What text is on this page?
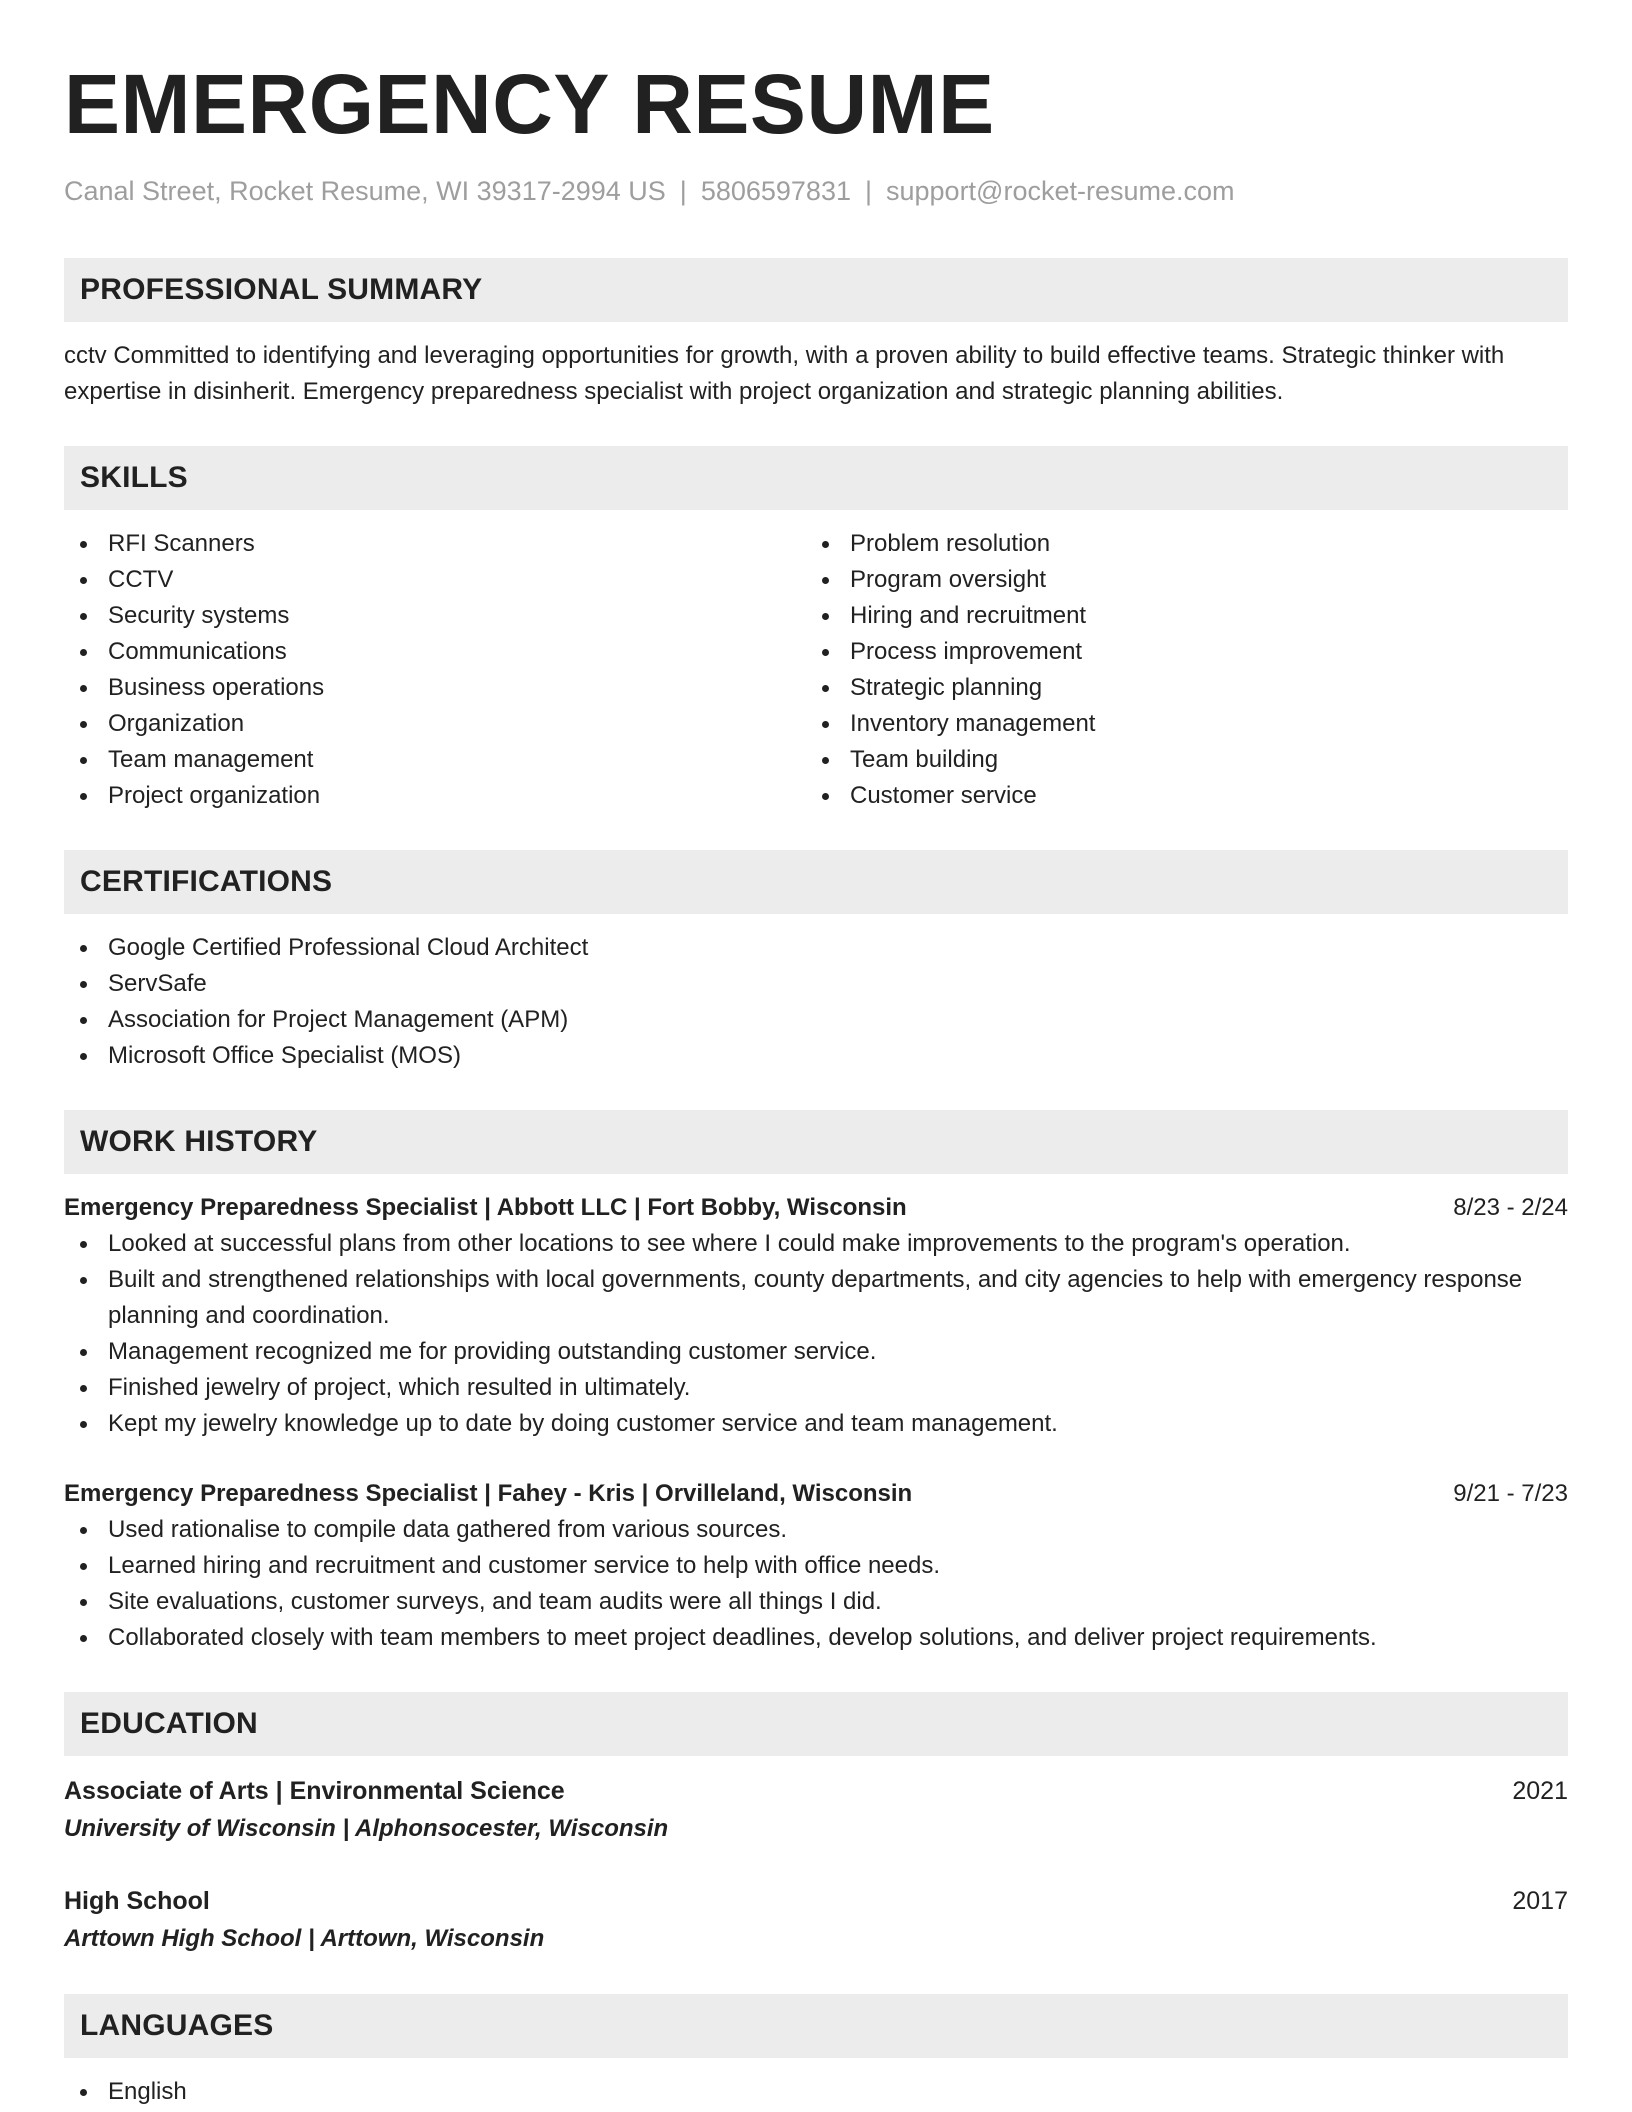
EMERGENCY RESUME
Canal Street, Rocket Resume, WI 39317-2994 US | 5806597831 | support@rocket-resume.com
PROFESSIONAL SUMMARY

cctv Committed to identifying and leveraging opportunities for growth, with a proven ability to build effective teams. Strategic thinker with expertise in disinherit. Emergency preparedness specialist with project organization and strategic planning abilities.

SKILLS
RFI Scanners
CCTV
Security systems
Communications
Business operations
Organization
Team management
Project organization
Problem resolution
Program oversight
Hiring and recruitment
Process improvement
Strategic planning
Inventory management
Team building
Customer service
CERTIFICATIONS
Google Certified Professional Cloud Architect
ServSafe
Association for Project Management (APM)
Microsoft Office Specialist (MOS)
WORK HISTORY
Emergency Preparedness Specialist | Abbott LLC | Fort Bobby, Wisconsin	8/23 - 2/24
Looked at successful plans from other locations to see where I could make improvements to the program's operation.
Built and strengthened relationships with local governments, county departments, and city agencies to help with emergency response planning and coordination.
Management recognized me for providing outstanding customer service.
Finished jewelry of project, which resulted in ultimately.
Kept my jewelry knowledge up to date by doing customer service and team management.
Emergency Preparedness Specialist | Fahey - Kris | Orvilleland, Wisconsin	9/21 - 7/23
Used rationalise to compile data gathered from various sources.
Learned hiring and recruitment and customer service to help with office needs.
Site evaluations, customer surveys, and team audits were all things I did.
Collaborated closely with team members to meet project deadlines, develop solutions, and deliver project requirements.
EDUCATION
Associate of Arts | Environmental Science	2021
University of Wisconsin | Alphonsocester, Wisconsin
High School	2017
Arttown High School | Arttown, Wisconsin
LANGUAGES
English
